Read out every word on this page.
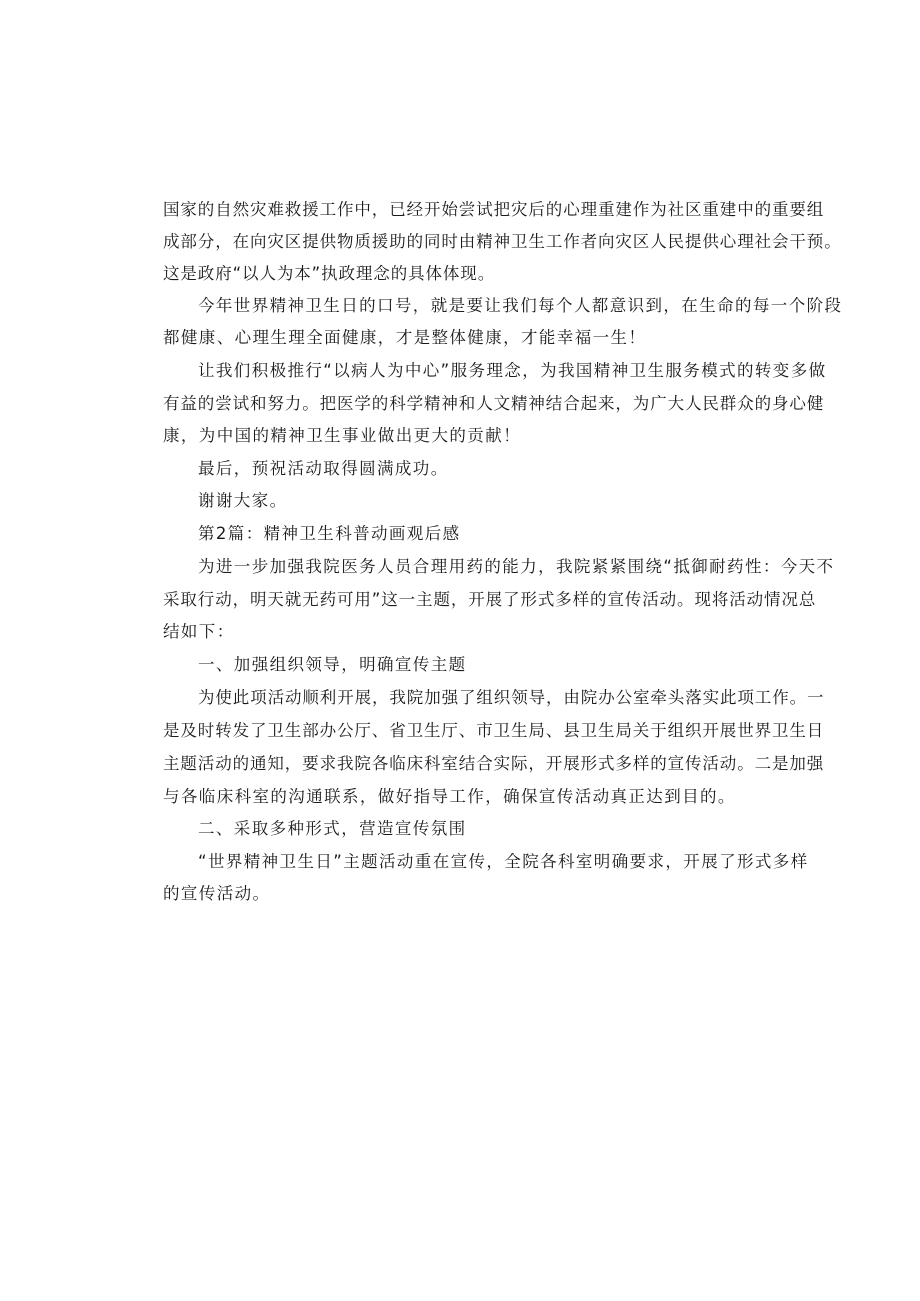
国家的自然灾难救援工作中，已经开始尝试把灾后的心理重建作为社区重建中的重要组
成部分，在向灾区提供物质援助的同时由精神卫生工作者向灾区人民提供心理社会干预。
这是政府“以人为本”执政理念的具体体现。
今年世界精神卫生日的口号，就是要让我们每个人都意识到，在生命的每一个阶段
都健康、心理生理全面健康，才是整体健康，才能幸福一生！
让我们积极推行“以病人为中心”服务理念，为我国精神卫生服务模式的转变多做
有益的尝试和努力。把医学的科学精神和人文精神结合起来，为广大人民群众的身心健
康，为中国的精神卫生事业做出更大的贡献！
最后，预祝活动取得圆满成功。
谢谢大家。
第2篇：精神卫生科普动画观后感
为进一步加强我院医务人员合理用药的能力，我院紧紧围绕“抵御耐药性：今天不
采取行动，明天就无药可用”这一主题，开展了形式多样的宣传活动。现将活动情况总
结如下：
一、加强组织领导，明确宣传主题
为使此项活动顺利开展，我院加强了组织领导，由院办公室牵头落实此项工作。一
是及时转发了卫生部办公厅、省卫生厅、市卫生局、县卫生局关于组织开展世界卫生日
主题活动的通知，要求我院各临床科室结合实际，开展形式多样的宣传活动。二是加强
与各临床科室的沟通联系，做好指导工作，确保宣传活动真正达到目的。
二、采取多种形式，营造宣传氛围
“世界精神卫生日”主题活动重在宣传，全院各科室明确要求，开展了形式多样
的宣传活动。
